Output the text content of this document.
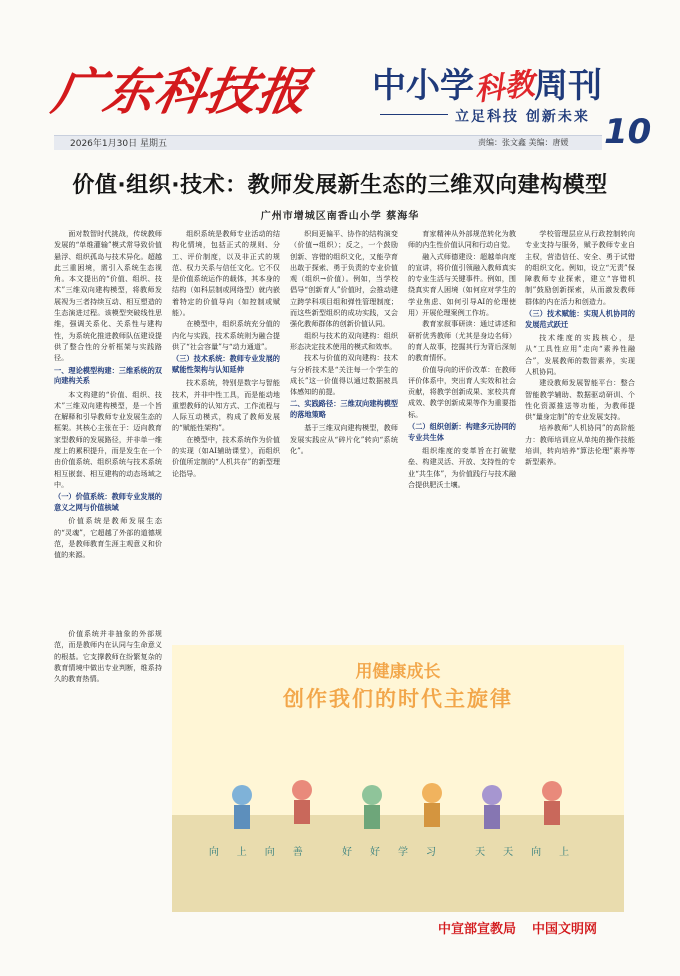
广东科技报 中小学科教周刊
立足科技 创新未来 10
2026年1月30日 星期五	责编：张文鑫 美编：唐媛
价值·组织·技术：教师发展新生态的三维双向建构模型
广州市增城区南香山小学 蔡海华

面对数智时代挑战，传统教师发展的“单维灌输”模式常导致价值悬浮、组织孤岛与技术异化。超越此三重困境，需引入系统生态视角。本文提出的“价值、组织、技术”三维双向建构模型，将教师发展视为三者持续互动、相互塑造的生态演进过程。该模型突破线性思维，强调关系化、关系性与建构性，为系统化推进教师队伍建设提供了整合性的分析框架与实践路径。

一、理论模型构建：三维系统的双向建构关系

本文构建的“价值、组织、技术”三维双向建构模型，是一个旨在解释和引导教师专业发展生态的框架。其核心主张在于：迈向教育家型教师的发展路径，并非单一维度上的累积提升，而是发生在一个由价值系统、组织系统与技术系统相互嵌套、相互建构的动态场域之中。

（一）价值系统：教师专业发展的意义之网与价值核域

价值系统是教师发展生态的“灵魂”，它超越了外部的道德规范，是教师教育生涯主观意义和价值的来源。

组织系统是教师专业活动的结构化情境，包括正式的规则、分工、评价制度，以及非正式的规范、权力关系与信任文化。它不仅是价值系统运作的载体，其本身的结构（如科层制或网络型）就内嵌着特定的价值导向（如控制或赋能）。

在模型中，组织系统充分值的内化与实践，技术系统则为融合提供了“社会容量”与“动力通道”。

（三）技术系统：教师专业发展的赋能性架构与认知延伸

技术系统，特别是数字与智能技术，并非中性工具，而是能动地重塑教师的认知方式、工作流程与人际互动模式，构成了教师发展的“赋能性架构”。

在模型中，技术系统作为价值的实现（如AI辅助课堂），而组织价值所定制的“人机共存”的新型理论指导。

织间更偏平、协作的结构演变（价值→组织）；反之，一个鼓励创新、容错的组织文化，又能孕育出敢于探索、勇于负责的专业价值观（组织→价值）。例如，当学校倡导“创新育人”价值时，会推动建立跨学科项目组和弹性管理制度；而这些新型组织的成功实践，又会强化教师群体的创新价值认同。

组织与技术的双向建构：组织形态决定技术使用的模式和效率。

技术与价值的双向建构：技术与分析技术是“关注每一个学生的成长”这一价值得以通过数据被具体感知的前提。

二、实践路径：三维双向建构模型的落地策略

基于三维双向建构模型，教师发展实践应从“碎片化”转向“系统化”。

育家精神从外部规范转化为教师的内生性价值认同和行动自觉。

融入式师德建设：超越单向度的宣讲，将价值引领融入教师真实的专业生活与关键事件。例如，围绕真实育人困境（如何应对学生的学业焦虑、如何引导AI的伦理使用）开展伦理案例工作坊。

教育家叙事研读：通过讲述和研析优秀教师（尤其是身边名师）的育人故事，挖掘其行为背后深刻的教育情怀。

价值导向的评价改革：在教师评价体系中，突出育人实效和社会贡献，将教学创新成果、家校共育成效、教学创新成果等作为重要指标。

（二）组织创新：构建多元协同的专业共生体

组织维度的变革旨在打破壁垒、构建灵活、开放、支持性的专业“共生体”，为价值践行与技术融合提供肥沃土壤。

学校管理层应从行政控制转向专业支持与服务，赋予教师专业自主权，营造信任、安全、勇于试错的组织文化。例如，设立“无责”保障教师专业探索，建立“容错机制”鼓励创新探索，从而激发教师群体的内在活力和创造力。

（三）技术赋能：实现人机协同的发展范式跃迁

技术维度的实践核心，是从“工具性应用”走向“素养性融合”，发展教师的数智素养，实现人机协同。

建设教师发展智能平台：整合智能教学辅助、数据驱动研训、个性化资源推送等功能，为教师提供“量身定制”的专业发展支持。

培养教师“人机协同”的高阶能力：教师培训应从单纯的操作技能培训，转向培养“算法伦理”素养等新型素养。

价值系统并非抽象的外部规范，而是教师内在认同与生命意义的根基。它支撑教师在纷繁复杂的教育情境中做出专业判断，维系持久的教育热情。	用健康成长
创作我们的时代主旋律
向上向善 好好学习 天天向上
中宣部宣教局 中国文明网
